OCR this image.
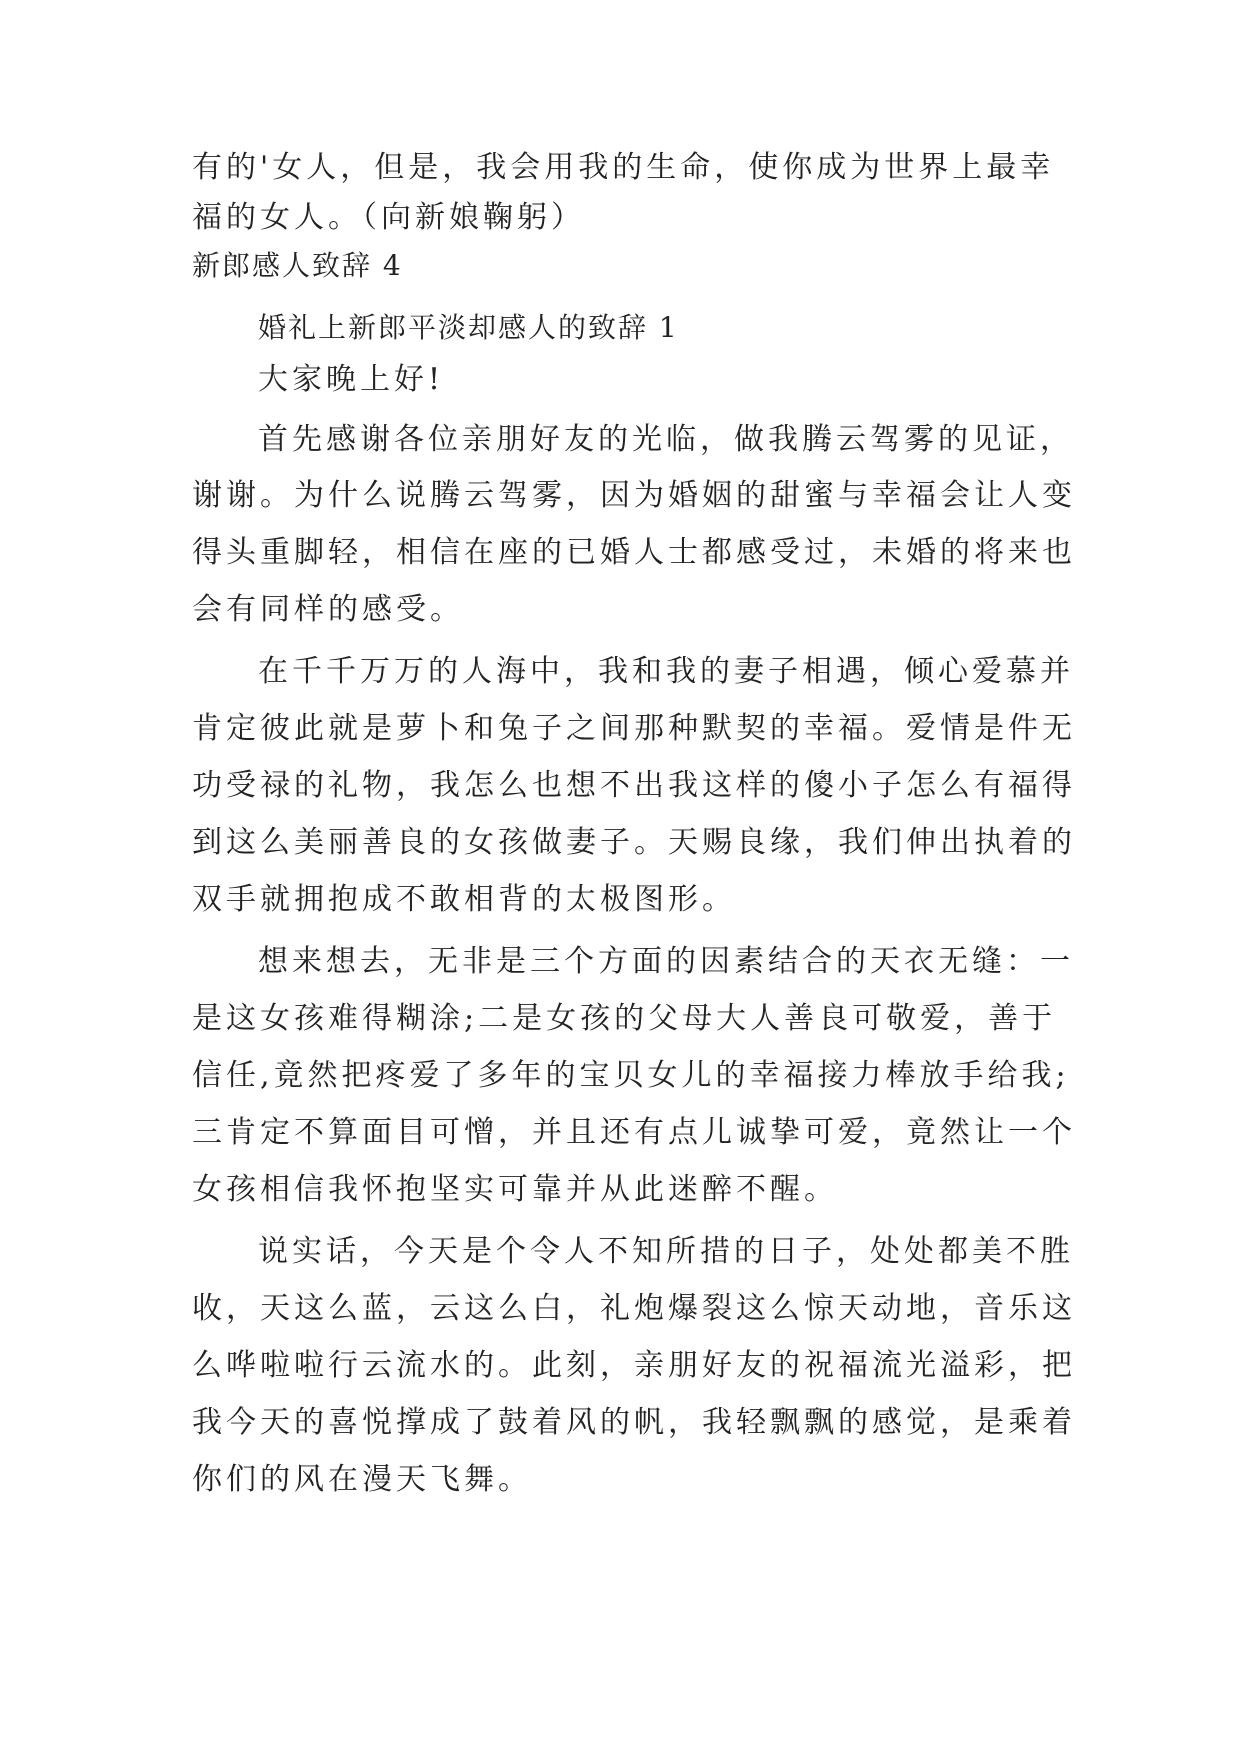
有的'女人，但是，我会用我的生命，使你成为世界上最幸
福的女人。（向新娘鞠躬）
新郎感人致辞 4
婚礼上新郎平淡却感人的致辞 1
大家晚上好!
首先感谢各位亲朋好友的光临，做我腾云驾雾的见证，
谢谢。为什么说腾云驾雾，因为婚姻的甜蜜与幸福会让人变
得头重脚轻，相信在座的已婚人士都感受过，未婚的将来也
会有同样的感受。
在千千万万的人海中，我和我的妻子相遇，倾心爱慕并
肯定彼此就是萝卜和兔子之间那种默契的幸福。爱情是件无
功受禄的礼物，我怎么也想不出我这样的傻小子怎么有福得
到这么美丽善良的女孩做妻子。天赐良缘，我们伸出执着的
双手就拥抱成不敢相背的太极图形。
想来想去，无非是三个方面的因素结合的天衣无缝：一
是这女孩难得糊涂;二是女孩的父母大人善良可敬爱，善于
信任,竟然把疼爱了多年的宝贝女儿的幸福接力棒放手给我;
三肯定不算面目可憎，并且还有点儿诚挚可爱，竟然让一个
女孩相信我怀抱坚实可靠并从此迷醉不醒。
说实话，今天是个令人不知所措的日子，处处都美不胜
收，天这么蓝，云这么白，礼炮爆裂这么惊天动地，音乐这
么哗啦啦行云流水的。此刻，亲朋好友的祝福流光溢彩，把
我今天的喜悦撑成了鼓着风的帆，我轻飘飘的感觉，是乘着
你们的风在漫天飞舞。
